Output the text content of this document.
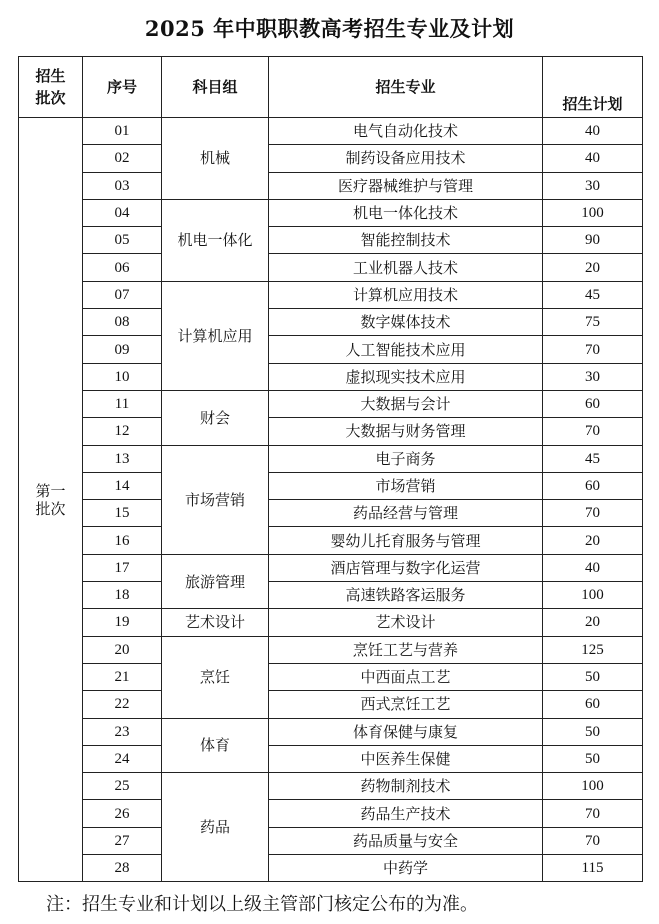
2025 年中职职教高考招生专业及计划
招生
批次	序号	科目组	招生专业	招生计划
第一
批次	01	机械	电气自动化技术	40
	02		制药设备应用技术	40
	03		医疗器械维护与管理	30
	04	机电一体化	机电一体化技术	100
	05		智能控制技术	90
	06		工业机器人技术	20
	07	计算机应用	计算机应用技术	45
	08		数字媒体技术	75
	09		人工智能技术应用	70
	10		虚拟现实技术应用	30
	11	财会	大数据与会计	60
	12		大数据与财务管理	70
	13	市场营销	电子商务	45
	14		市场营销	60
	15		药品经营与管理	70
	16		婴幼儿托育服务与管理	20
	17	旅游管理	酒店管理与数字化运营	40
	18		高速铁路客运服务	100
	19	艺术设计	艺术设计	20
	20	烹饪	烹饪工艺与营养	125
	21		中西面点工艺	50
	22		西式烹饪工艺	60
	23	体育	体育保健与康复	50
	24		中医养生保健	50
	25	药品	药物制剂技术	100
	26		药品生产技术	70
	27		药品质量与安全	70
	28		中药学	115
注：招生专业和计划以上级主管部门核定公布的为准。
